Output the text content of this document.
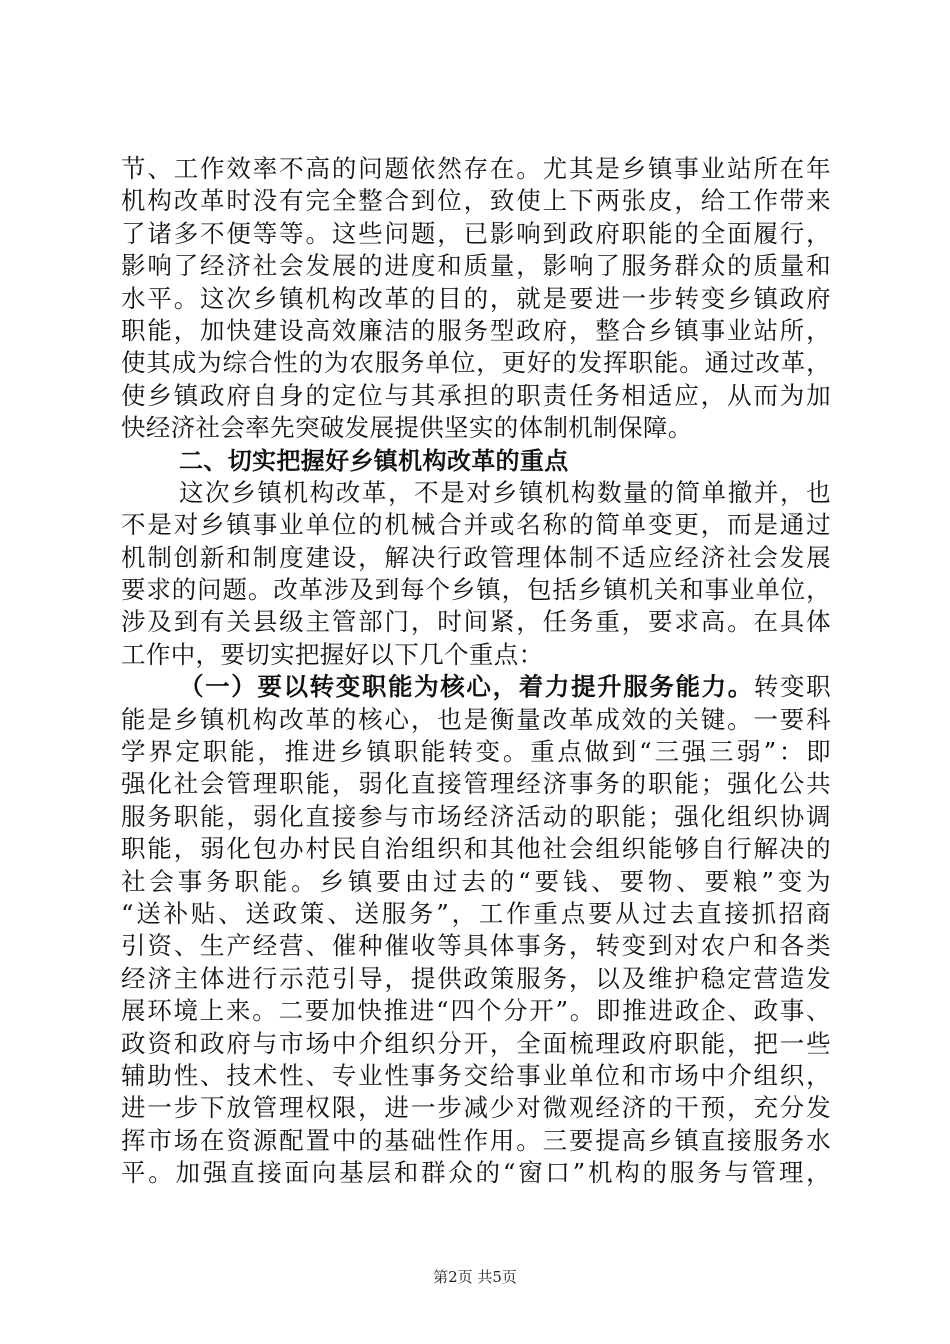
节、工作效率不高的问题依然存在。尤其是乡镇事业站所在年
机构改革时没有完全整合到位，致使上下两张皮，给工作带来
了诸多不便等等。这些问题，已影响到政府职能的全面履行，
影响了经济社会发展的进度和质量，影响了服务群众的质量和
水平。这次乡镇机构改革的目的，就是要进一步转变乡镇政府
职能，加快建设高效廉洁的服务型政府，整合乡镇事业站所，
使其成为综合性的为农服务单位，更好的发挥职能。通过改革，
使乡镇政府自身的定位与其承担的职责任务相适应，从而为加
快经济社会率先突破发展提供坚实的体制机制保障。
二、切实把握好乡镇机构改革的重点
这次乡镇机构改革，不是对乡镇机构数量的简单撤并，也
不是对乡镇事业单位的机械合并或名称的简单变更，而是通过
机制创新和制度建设，解决行政管理体制不适应经济社会发展
要求的问题。改革涉及到每个乡镇，包括乡镇机关和事业单位，
涉及到有关县级主管部门，时间紧，任务重，要求高。在具体
工作中，要切实把握好以下几个重点：
（一）要以转变职能为核心，着力提升服务能力。转变职
能是乡镇机构改革的核心，也是衡量改革成效的关键。一要科
学界定职能，推进乡镇职能转变。重点做到“三强三弱”：即
强化社会管理职能，弱化直接管理经济事务的职能；强化公共
服务职能，弱化直接参与市场经济活动的职能；强化组织协调
职能，弱化包办村民自治组织和其他社会组织能够自行解决的
社会事务职能。乡镇要由过去的“要钱、要物、要粮”变为
“送补贴、送政策、送服务”，工作重点要从过去直接抓招商
引资、生产经营、催种催收等具体事务，转变到对农户和各类
经济主体进行示范引导，提供政策服务，以及维护稳定营造发
展环境上来。二要加快推进“四个分开”。即推进政企、政事、
政资和政府与市场中介组织分开，全面梳理政府职能，把一些
辅助性、技术性、专业性事务交给事业单位和市场中介组织，
进一步下放管理权限，进一步减少对微观经济的干预，充分发
挥市场在资源配置中的基础性作用。三要提高乡镇直接服务水
平。加强直接面向基层和群众的“窗口”机构的服务与管理，
第2页 共5页
